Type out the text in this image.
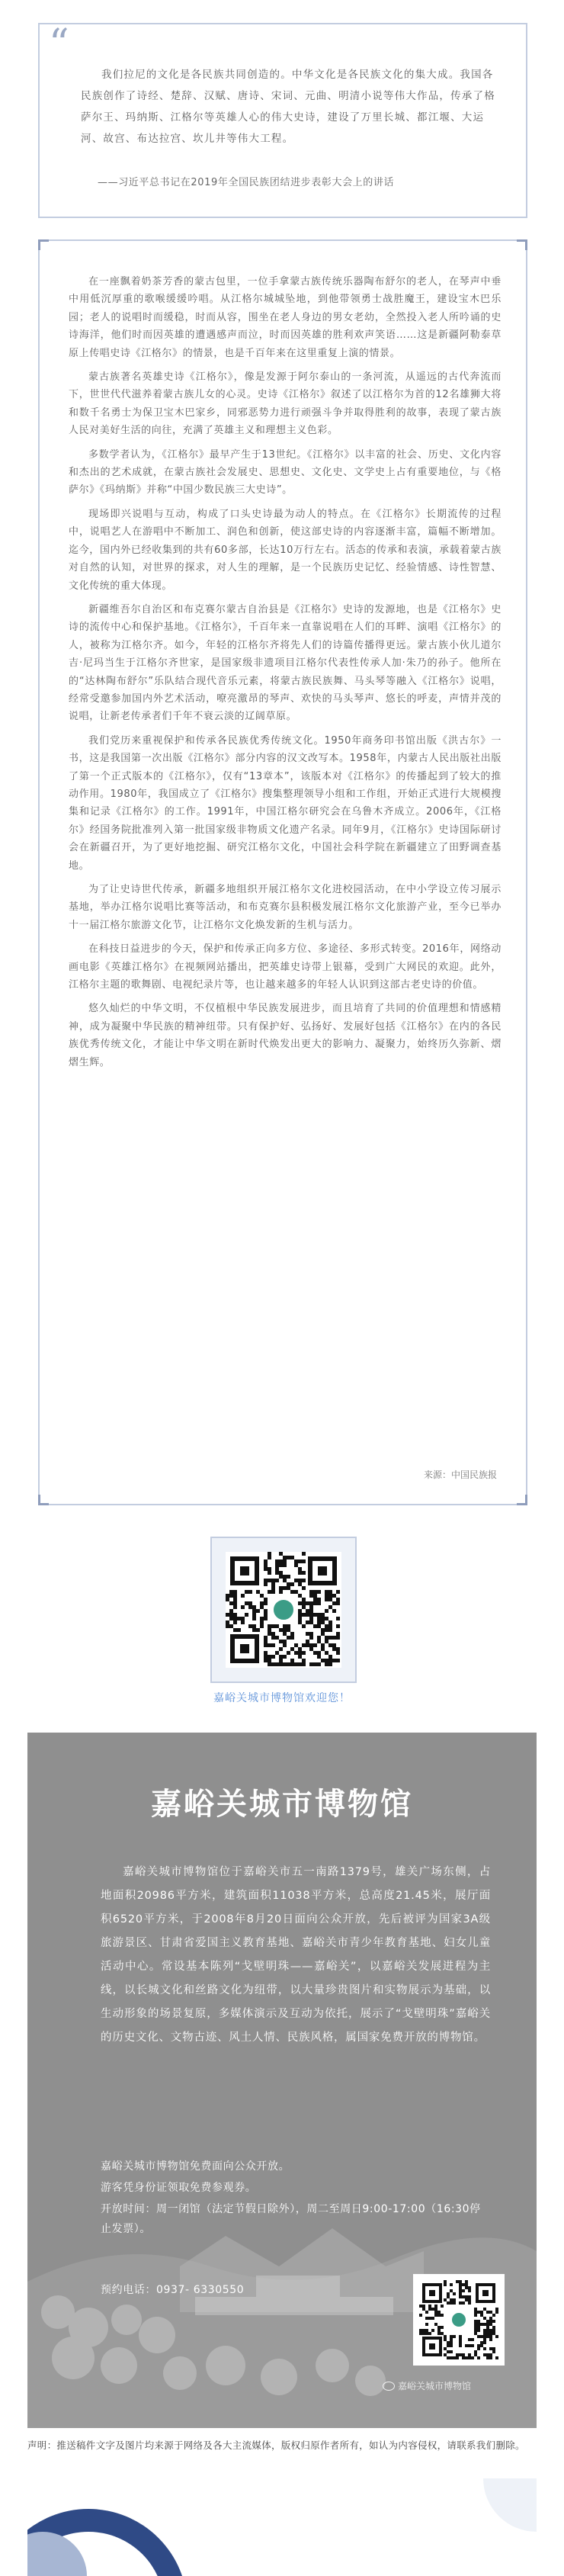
“

我们拉尼的文化是各民族共同创造的。中华文化是各民族文化的集大成。我国各民族创作了诗经、楚辞、汉赋、唐诗、宋词、元曲、明清小说等伟大作品，传承了格萨尔王、玛纳斯、江格尔等英雄人心的伟大史诗，建设了万里长城、都江堰、大运河、故宫、布达拉宫、坎儿井等伟大工程。

——习近平总书记在2019年全国民族团结进步表彰大会上的讲话

在一座飘着奶茶芳香的蒙古包里，一位手拿蒙古族传统乐器陶布舒尔的老人，在琴声中垂中用低沉厚重的歌喉缓缓吟唱。从江格尔城城坠地，到他带领勇士战胜魔王，建设宝木巴乐园；老人的说唱时而缓稳，时而从容，围坐在老人身边的男女老幼，全然投入老人所吟诵的史诗海洋，他们时而因英雄的遭遇感声而泣，时而因英雄的胜利欢声笑语……这是新疆阿勒泰草原上传唱史诗《江格尔》的情景，也是千百年来在这里重复上演的情景。

蒙古族著名英雄史诗《江格尔》，像是发源于阿尔泰山的一条河流，从遥远的古代奔流而下，世世代代滋养着蒙古族儿女的心灵。史诗《江格尔》叙述了以江格尔为首的12名雄狮大将和数千名勇士为保卫宝木巴家乡，同邪恶势力进行顽强斗争并取得胜利的故事，表现了蒙古族人民对美好生活的向往，充满了英雄主义和理想主义色彩。

多数学者认为，《江格尔》最早产生于13世纪。《江格尔》以丰富的社会、历史、文化内容和杰出的艺术成就，在蒙古族社会发展史、思想史、文化史、文学史上占有重要地位，与《格萨尔》《玛纳斯》并称“中国少数民族三大史诗”。

现场即兴说唱与互动，构成了口头史诗最为动人的特点。在《江格尔》长期流传的过程中，说唱艺人在游唱中不断加工、润色和创新，使这部史诗的内容逐渐丰富，篇幅不断增加。迄今，国内外已经收集到的共有60多部，长达10万行左右。活态的传承和表演，承载着蒙古族对自然的认知，对世界的探求，对人生的理解，是一个民族历史记忆、经验情感、诗性智慧、文化传统的重大体现。

新疆维吾尔自治区和布克赛尔蒙古自治县是《江格尔》史诗的发源地，也是《江格尔》史诗的流传中心和保护基地。《江格尔》，千百年来一直靠说唱在人们的耳畔、演唱《江格尔》的人，被称为江格尔齐。如今，年轻的江格尔齐将先人们的诗篇传播得更远。蒙古族小伙儿道尔吉·尼玛当生于江格尔齐世家，是国家级非遗项目江格尔代表性传承人加·朱乃的孙子。他所在的“达林陶布舒尔”乐队结合现代音乐元素，将蒙古族民族舞、马头琴等融入《江格尔》说唱，经常受邀参加国内外艺术活动，嘹亮激昂的琴声、欢快的马头琴声、悠长的呼麦，声情并茂的说唱，让新老传承者们千年不衰云淡的辽阔草原。

我们党历来重视保护和传承各民族优秀传统文化。1950年商务印书馆出版《洪古尔》一书，这是我国第一次出版《江格尔》部分内容的汉文改写本。1958年，内蒙古人民出版社出版了第一个正式版本的《江格尔》，仅有“13章本”，该版本对《江格尔》的传播起到了较大的推动作用。1980年，我国成立了《江格尔》搜集整理领导小组和工作组，开始正式进行大规模搜集和记录《江格尔》的工作。1991年，中国江格尔研究会在乌鲁木齐成立。2006年，《江格尔》经国务院批准列入第一批国家级非物质文化遗产名录。同年9月，《江格尔》史诗国际研讨会在新疆召开，为了更好地挖掘、研究江格尔文化，中国社会科学院在新疆建立了田野调查基地。

为了让史诗世代传承，新疆多地组织开展江格尔文化进校园活动，在中小学设立传习展示基地，举办江格尔说唱比赛等活动，和布克赛尔县积极发展江格尔文化旅游产业，至今已举办十一届江格尔旅游文化节，让江格尔文化焕发新的生机与活力。

在科技日益进步的今天，保护和传承正向多方位、多途径、多形式转变。2016年，网络动画电影《英雄江格尔》在视频网站播出，把英雄史诗带上银幕，受到广大网民的欢迎。此外，江格尔主题的歌舞剧、电视纪录片等，也让越来越多的年轻人认识到这部古老史诗的价值。

悠久灿烂的中华文明，不仅植根中华民族发展进步，而且培育了共同的价值理想和情感精神，成为凝聚中华民族的精神纽带。只有保护好、弘扬好、发展好包括《江格尔》在内的各民族优秀传统文化，才能让中华文明在新时代焕发出更大的影响力、凝聚力，始终历久弥新、熠熠生辉。

来源：中国民族报

嘉峪关城市博物馆欢迎您！

嘉峪关城市博物馆

嘉峪关城市博物馆位于嘉峪关市五一南路1379号，雄关广场东侧，占地面积20986平方米，建筑面积11038平方米，总高度21.45米，展厅面积6520平方米，于2008年8月20日面向公众开放，先后被评为国家3A级旅游景区、甘肃省爱国主义教育基地、嘉峪关市青少年教育基地、妇女儿童活动中心。常设基本陈列“戈壁明珠——嘉峪关”，以嘉峪关发展进程为主线，以长城文化和丝路文化为纽带，以大量珍贵图片和实物展示为基础，以生动形象的场景复原，多媒体演示及互动为依托，展示了“戈壁明珠”嘉峪关的历史文化、文物古迹、风土人情、民族风格，属国家免费开放的博物馆。

嘉峪关城市博物馆免费面向公众开放。

游客凭身份证领取免费参观券。

开放时间：周一闭馆（法定节假日除外），周二至周日9:00-17:00（16:30停止发票）。

预约电话：0937- 6330550

嘉峪关城市博物馆

声明：推送稿件文字及图片均来源于网络及各大主流媒体，版权归原作者所有，如认为内容侵权，请联系我们删除。
